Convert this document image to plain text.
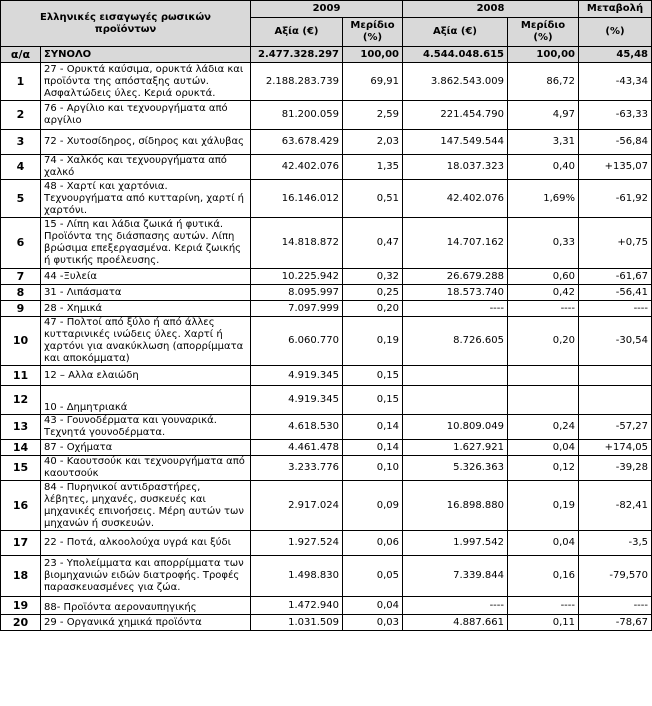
Ελληνικές εισαγωγές ρωσικών προϊόντων		2009		2008		Μεταβολή
		Αξία (€)	Μερίδιο (%)	Αξία (€)	Μερίδιο (%)	(%)
α/α	ΣΥΝΟΛΟ	2.477.328.297	100,00	4.544.048.615	100,00	45,48
1	27 - Ορυκτά καύσιμα, ορυκτά λάδια και προϊόντα της απόσταξης αυτών. Ασφαλτώδεις ύλες. Κεριά ορυκτά.	2.188.283.739	69,91	3.862.543.009	86,72	-43,34
2	76 - Αργίλιο και τεχνουργήματα από αργίλιο	81.200.059	2,59	221.454.790	4,97	-63,33
3	72 - Χυτοσίδηρος, σίδηρος και χάλυβας	63.678.429	2,03	147.549.544	3,31	-56,84
4	74 - Χαλκός και τεχνουργήματα από χαλκό	42.402.076	1,35	18.037.323	0,40	+135,07
5	48 - Χαρτί και χαρτόνια. Τεχνουργήματα από κυτταρίνη, χαρτί ή χαρτόνι.	16.146.012	0,51	42.402.076	1,69%	-61,92
6	15 - Λίπη και λάδια ζωικά ή φυτικά. Προϊόντα της διάσπασης αυτών. Λίπη βρώσιμα επεξεργασμένα. Κεριά ζωικής ή φυτικής προέλευσης.	14.818.872	0,47	14.707.162	0,33	+0,75
7	44 -Ξυλεία	10.225.942	0,32	26.679.288	0,60	-61,67
8	31 - Λιπάσματα	8.095.997	0,25	18.573.740	0,42	-56,41
9	28 - Χημικά	7.097.999	0,20	----	----	----
10	47 - Πολτοί από ξύλο ή από άλλες κυτταρινικές ινώδεις ύλες. Χαρτί ή χαρτόνι για ανακύκλωση (απορρίμματα και αποκόμματα)	6.060.770	0,19	8.726.605	0,20	-30,54
11	12 – Αλλα ελαιώδη	4.919.345	0,15			
12	10 - Δημητριακά	4.919.345	0,15			
13	43 - Γουνοδέρματα και γουναρικά. Τεχνητά γουνοδέρματα.	4.618.530	0,14	10.809.049	0,24	-57,27
14	87 - Οχήματα	4.461.478	0,14	1.627.921	0,04	+174,05
15	40 - Καουτσούκ και τεχνουργήματα από καουτσούκ	3.233.776	0,10	5.326.363	0,12	-39,28
16	84 - Πυρηνικοί αντιδραστήρες, λέβητες, μηχανές, συσκευές και μηχανικές επινοήσεις. Μέρη αυτών των μηχανών ή συσκευών.	2.917.024	0,09	16.898.880	0,19	-82,41
17	22 - Ποτά, αλκοολούχα υγρά και ξύδι	1.927.524	0,06	1.997.542	0,04	-3,5
18	23 - Υπολείμματα και απορρίμματα των βιομηχανιών ειδών διατροφής. Τροφές παρασκευασμένες για ζώα.	1.498.830	0,05	7.339.844	0,16	-79,570
19	88- Προϊόντα αεροναυπηγικής	1.472.940	0,04	----	----	----
20	29 - Οργανικά χημικά προϊόντα	1.031.509	0,03	4.887.661	0,11	-78,67
